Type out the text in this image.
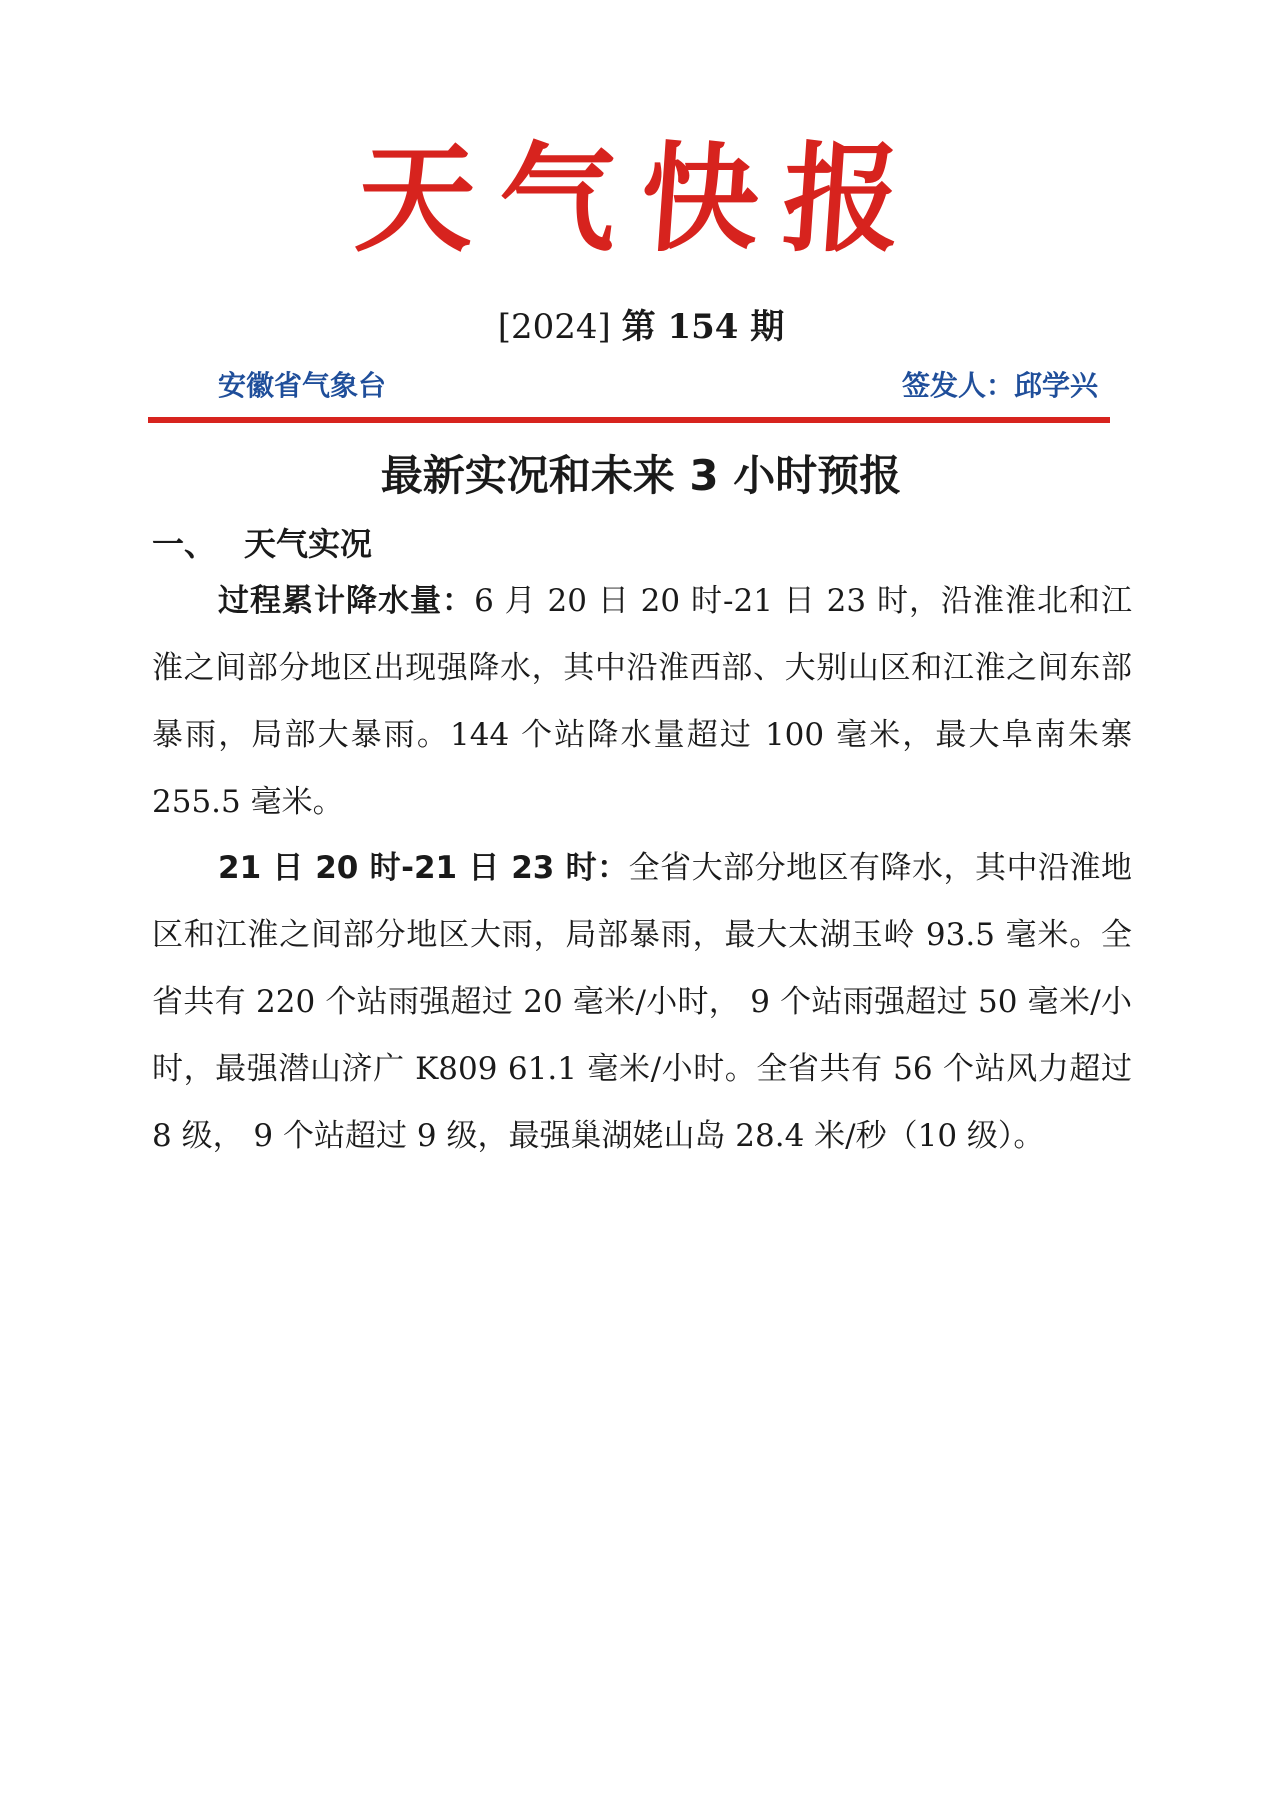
天气快报
[2024] 第 154 期
安徽省气象台	签发人：邱学兴
最新实况和未来 3 小时预报
一、 天气实况

过程累计降水量：6 月 20 日 20 时-21 日 23 时，沿淮淮北和江淮之间部分地区出现强降水，其中沿淮西部、大别山区和江淮之间东部暴雨，局部大暴雨。144 个站降水量超过 100 毫米，最大阜南朱寨 255.5 毫米。

21 日 20 时-21 日 23 时：全省大部分地区有降水，其中沿淮地区和江淮之间部分地区大雨，局部暴雨，最大太湖玉岭 93.5 毫米。全省共有 220 个站雨强超过 20 毫米/小时， 9 个站雨强超过 50 毫米/小时，最强潜山济广 K809 61.1 毫米/小时。全省共有 56 个站风力超过 8 级， 9 个站超过 9 级，最强巢湖姥山岛 28.4 米/秒（10 级）。
